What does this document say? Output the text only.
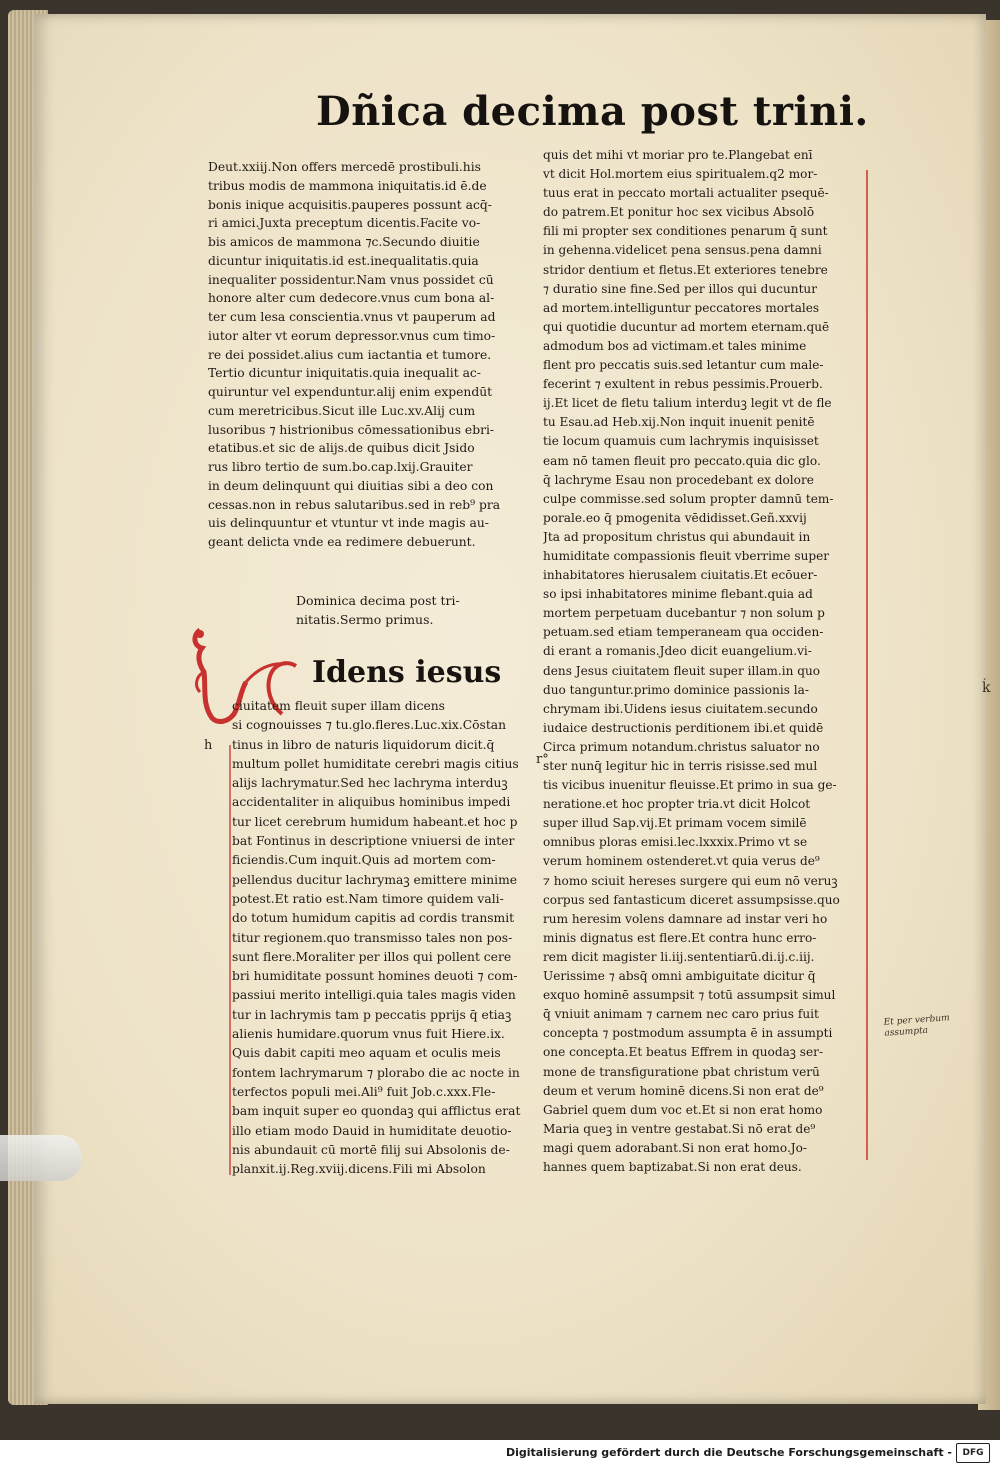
Dñica decima post trini.
Deut.xxiij.Non offers mercedē prostibuli.his
tribus modis de mammona iniquitatis.id ē.de
bonis inique acquisitis.pauperes possunt acq̄-
ri amici.Juxta preceptum dicentis.Facite vo-
bis amicos de mammona ⁊c.Secundo diuitie
dicuntur iniquitatis.id est.inequalitatis.quia
inequaliter possidentur.Nam vnus possidet cū
honore alter cum dedecore.vnus cum bona al-
ter cum lesa conscientia.vnus vt pauperum ad
iutor alter vt eorum depressor.vnus cum timo-
re dei possidet.alius cum iactantia et tumore.
Tertio dicuntur iniquitatis.quia inequalit ac-
quiruntur vel expenduntur.alij enim expendūt
cum meretricibus.Sicut ille Luc.xv.Alij cum
lusoribus ⁊ histrionibus cōmessationibus ebri-
etatibus.et sic de alijs.de quibus dicit Jsido
rus libro tertio de sum.bo.cap.lxij.Grauiter
in deum delinquunt qui diuitias sibi a deo con
cessas.non in rebus salutaribus.sed in reb⁹ pra
uis delinquuntur et vtuntur vt inde magis au-
geant delicta vnde ea redimere debuerunt.
Dominica decima post tri-
nitatis.Sermo primus.
Idens iesus
ciuitatem fleuit super illam dicens
si cognouisses ⁊ tu.glo.fleres.Luc.xix.Cōstan
tinus in libro de naturis liquidorum dicit.q̄
multum pollet humiditate cerebri magis citius
alijs lachrymatur.Sed hec lachryma interduꝫ
accidentaliter in aliquibus hominibus impedi
tur licet cerebrum humidum habeant.et hoc p
bat Fontinus in descriptione vniuersi de inter
ficiendis.Cum inquit.Quis ad mortem com-
pellendus ducitur lachrymaꝫ emittere minime
potest.Et ratio est.Nam timore quidem vali-
do totum humidum capitis ad cordis transmit
titur regionem.quo transmisso tales non pos-
sunt flere.Moraliter per illos qui pollent cere
bri humiditate possunt homines deuoti ⁊ com-
passiui merito intelligi.quia tales magis viden
tur in lachrymis tam p peccatis pprijs q̄ etiaꝫ
alienis humidare.quorum vnus fuit Hiere.ix.
Quis dabit capiti meo aquam et oculis meis
fontem lachrymarum ⁊ plorabo die ac nocte in
terfectos populi mei.Ali⁹ fuit Job.c.xxx.Fle-
bam inquit super eo quondaꝫ qui afflictus erat
illo etiam modo Dauid in humiditate deuotio-
nis abundauit cū mortē filij sui Absolonis de-
planxit.ij.Reg.xviij.dicens.Fili mi Absolon
quis det mihi vt moriar pro te.Plangebat enī
vt dicit Hol.mortem eius spiritualem.q2 mor-
tuus erat in peccato mortali actualiter psequē-
do patrem.Et ponitur hoc sex vicibus Absolō
fili mi propter sex conditiones penarum q̄ sunt
in gehenna.videlicet pena sensus.pena damni
stridor dentium et fletus.Et exteriores tenebre
⁊ duratio sine fine.Sed per illos qui ducuntur
ad mortem.intelliguntur peccatores mortales
qui quotidie ducuntur ad mortem eternam.quē
admodum bos ad victimam.et tales minime
flent pro peccatis suis.sed letantur cum male-
fecerint ⁊ exultent in rebus pessimis.Prouerb.
ij.Et licet de fletu talium interduꝫ legit vt de fle
tu Esau.ad Heb.xij.Non inquit inuenit penitē
tie locum quamuis cum lachrymis inquisisset
eam nō tamen fleuit pro peccato.quia dic glo.
q̄ lachryme Esau non procedebant ex dolore
culpe commisse.sed solum propter damnū tem-
porale.eo q̄ pmogenita vēdidisset.Geñ.xxvij
Jta ad propositum christus qui abundauit in
humiditate compassionis fleuit vberrime super
inhabitatores hierusalem ciuitatis.Et ecōuer-
so ipsi inhabitatores minime flebant.quia ad
mortem perpetuam ducebantur ⁊ non solum p
petuam.sed etiam temperaneam qua occiden-
di erant a romanis.Jdeo dicit euangelium.vi-
dens Jesus ciuitatem fleuit super illam.in quo
duo tanguntur.primo dominice passionis la-
chrymam ibi.Uidens iesus ciuitatem.secundo
iudaice destructionis perditionem ibi.et quidē
Circa primum notandum.christus saluator no
ster nunq̄ legitur hic in terris risisse.sed mul
tis vicibus inuenitur fleuisse.Et primo in sua ge-
neratione.et hoc propter tria.vt dicit Holcot
super illud Sap.vij.Et primam vocem similē
omnibus ploras emisi.lec.lxxxix.Primo vt se
verum hominem ostenderet.vt quia verus de⁹
⁊ homo sciuit hereses surgere qui eum nō veruꝫ
corpus sed fantasticum diceret assumpsisse.quo
rum heresim volens damnare ad instar veri ho
minis dignatus est flere.Et contra hunc erro-
rem dicit magister li.iij.sententiarū.di.ij.c.iij.
Uerissime ⁊ absq̄ omni ambiguitate dicitur q̄
exquo hominē assumpsit ⁊ totū assumpsit simul
q̄ vniuit animam ⁊ carnem nec caro prius fuit
concepta ⁊ postmodum assumpta ē in assumpti
one concepta.Et beatus Effrem in quodaꝫ ser-
mone de transfiguratione pbat christum verū
deum et verum hominē dicens.Si non erat de⁹
Gabriel quem dum voc et.Et si non erat homo
Maria queꝫ in ventre gestabat.Si nō erat de⁹
magi quem adorabant.Si non erat homo.Jo-
hannes quem baptizabat.Si non erat deus.
h
r°
ḱ
Et per verbum assumpta
Digitalisierung gefördert durch die Deutsche Forschungsgemeinschaft -	DFG
